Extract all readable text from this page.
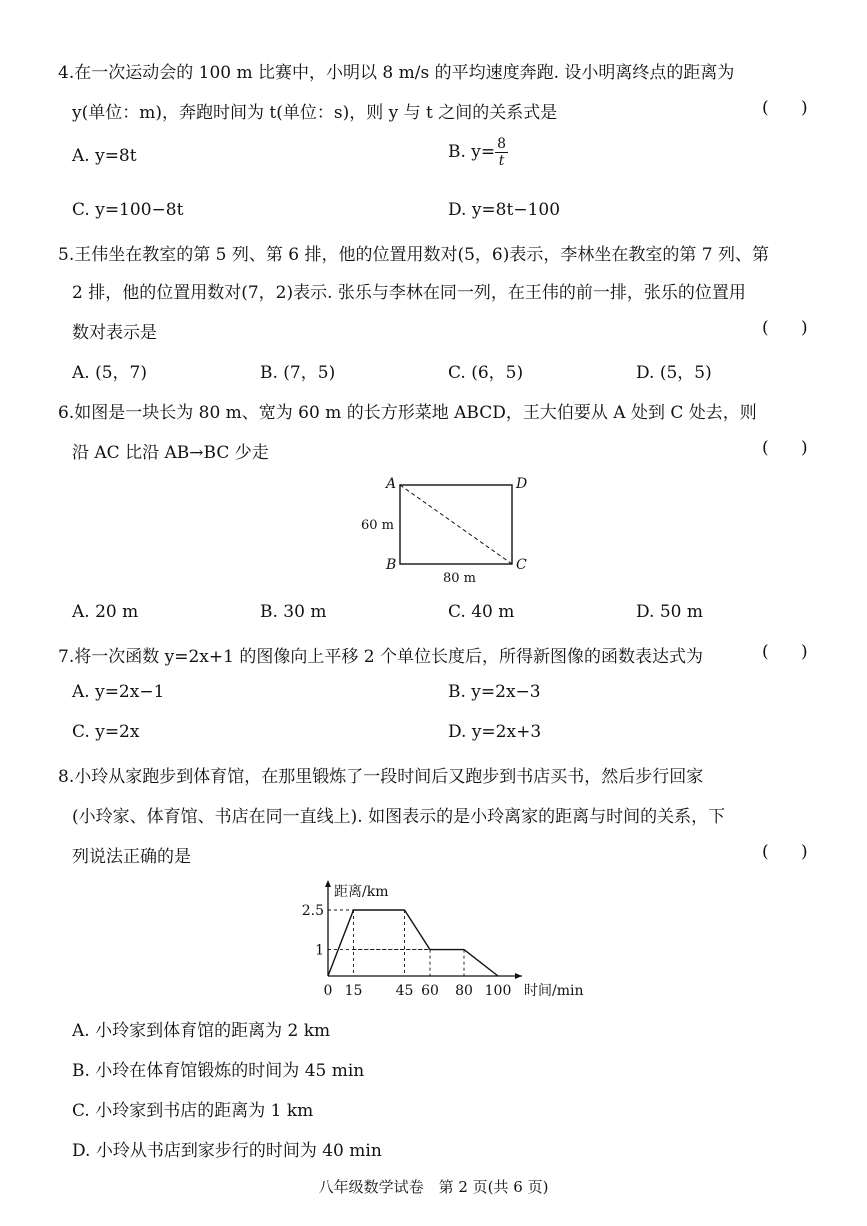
4.在一次运动会的 100 m 比赛中，小明以 8 m/s 的平均速度奔跑. 设小明离终点的距离为
y(单位：m)，奔跑时间为 t(单位：s)，则 y 与 t 之间的关系式是	(      )
A. y=8t	B. $y= \frac{8}{t}$
C. y=100−8t	D. y=8t−100
5.王伟坐在教室的第 5 列、第 6 排，他的位置用数对(5，6)表示，李林坐在教室的第 7 列、第
2 排，他的位置用数对(7，2)表示. 张乐与李林在同一列，在王伟的前一排，张乐的位置用
数对表示是	(      )
A. (5，7)	B. (7，5)	C. (6，5)	D. (5，5)
6.如图是一块长为 80 m、宽为 60 m 的长方形菜地 ABCD，王大伯要从 A 处到 C 处去，则
沿 AC 比沿 AB→BC 少走	(      )
A
B	C
D
60 m
80 m
A. 20 m	B. 30 m	C. 40 m	D. 50 m
7.将一次函数 y=2x+1 的图像向上平移 2 个单位长度后，所得新图像的函数表达式为	(      )
A. y=2x−1	B. y=2x−3
C. y=2x	D. y=2x+3
8.小玲从家跑步到体育馆，在那里锻炼了一段时间后又跑步到书店买书，然后步行回家
(小玲家、体育馆、书店在同一直线上). 如图表示的是小玲离家的距离与时间的关系，下
列说法正确的是	(      )
0 15 45 60 80 100
1
2.5
距离/km
时间/min
A. 小玲家到体育馆的距离为 2 km
B. 小玲在体育馆锻炼的时间为 45 min
C. 小玲家到书店的距离为 1 km
D. 小玲从书店到家步行的时间为 40 min
八年级数学试卷　第 2 页(共 6 页)
